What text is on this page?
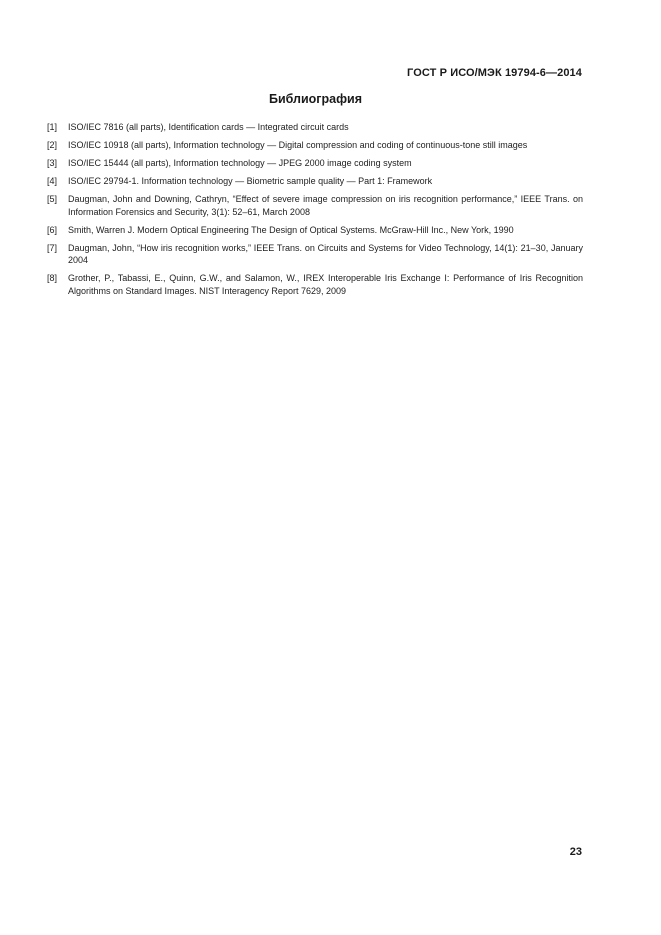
ГОСТ Р ИСО/МЭК 19794-6—2014
Библиография
[1]	ISO/IEC 7816 (all parts), Identification cards — Integrated circuit cards
[2]	ISO/IEC 10918 (all parts), Information technology — Digital compression and coding of continuous-tone still images
[3]	ISO/IEC 15444 (all parts), Information technology — JPEG 2000 image coding system
[4]	ISO/IEC 29794-1. Information technology — Biometric sample quality — Part 1: Framework
[5]	Daugman, John and Downing, Cathryn, “Effect of severe image compression on iris recognition performance,” IEEE Trans. on Information Forensics and Security, 3(1): 52–61, March 2008
[6]	Smith, Warren J. Modern Optical Engineering The Design of Optical Systems. McGraw-Hill Inc., New York, 1990
[7]	Daugman, John, “How iris recognition works,” IEEE Trans. on Circuits and Systems for Video Technology, 14(1): 21–30, January 2004
[8]	Grother, P., Tabassi, E., Quinn, G.W., and Salamon, W., IREX Interoperable Iris Exchange I: Performance of Iris Recognition Algorithms on Standard Images. NIST Interagency Report 7629, 2009
23
